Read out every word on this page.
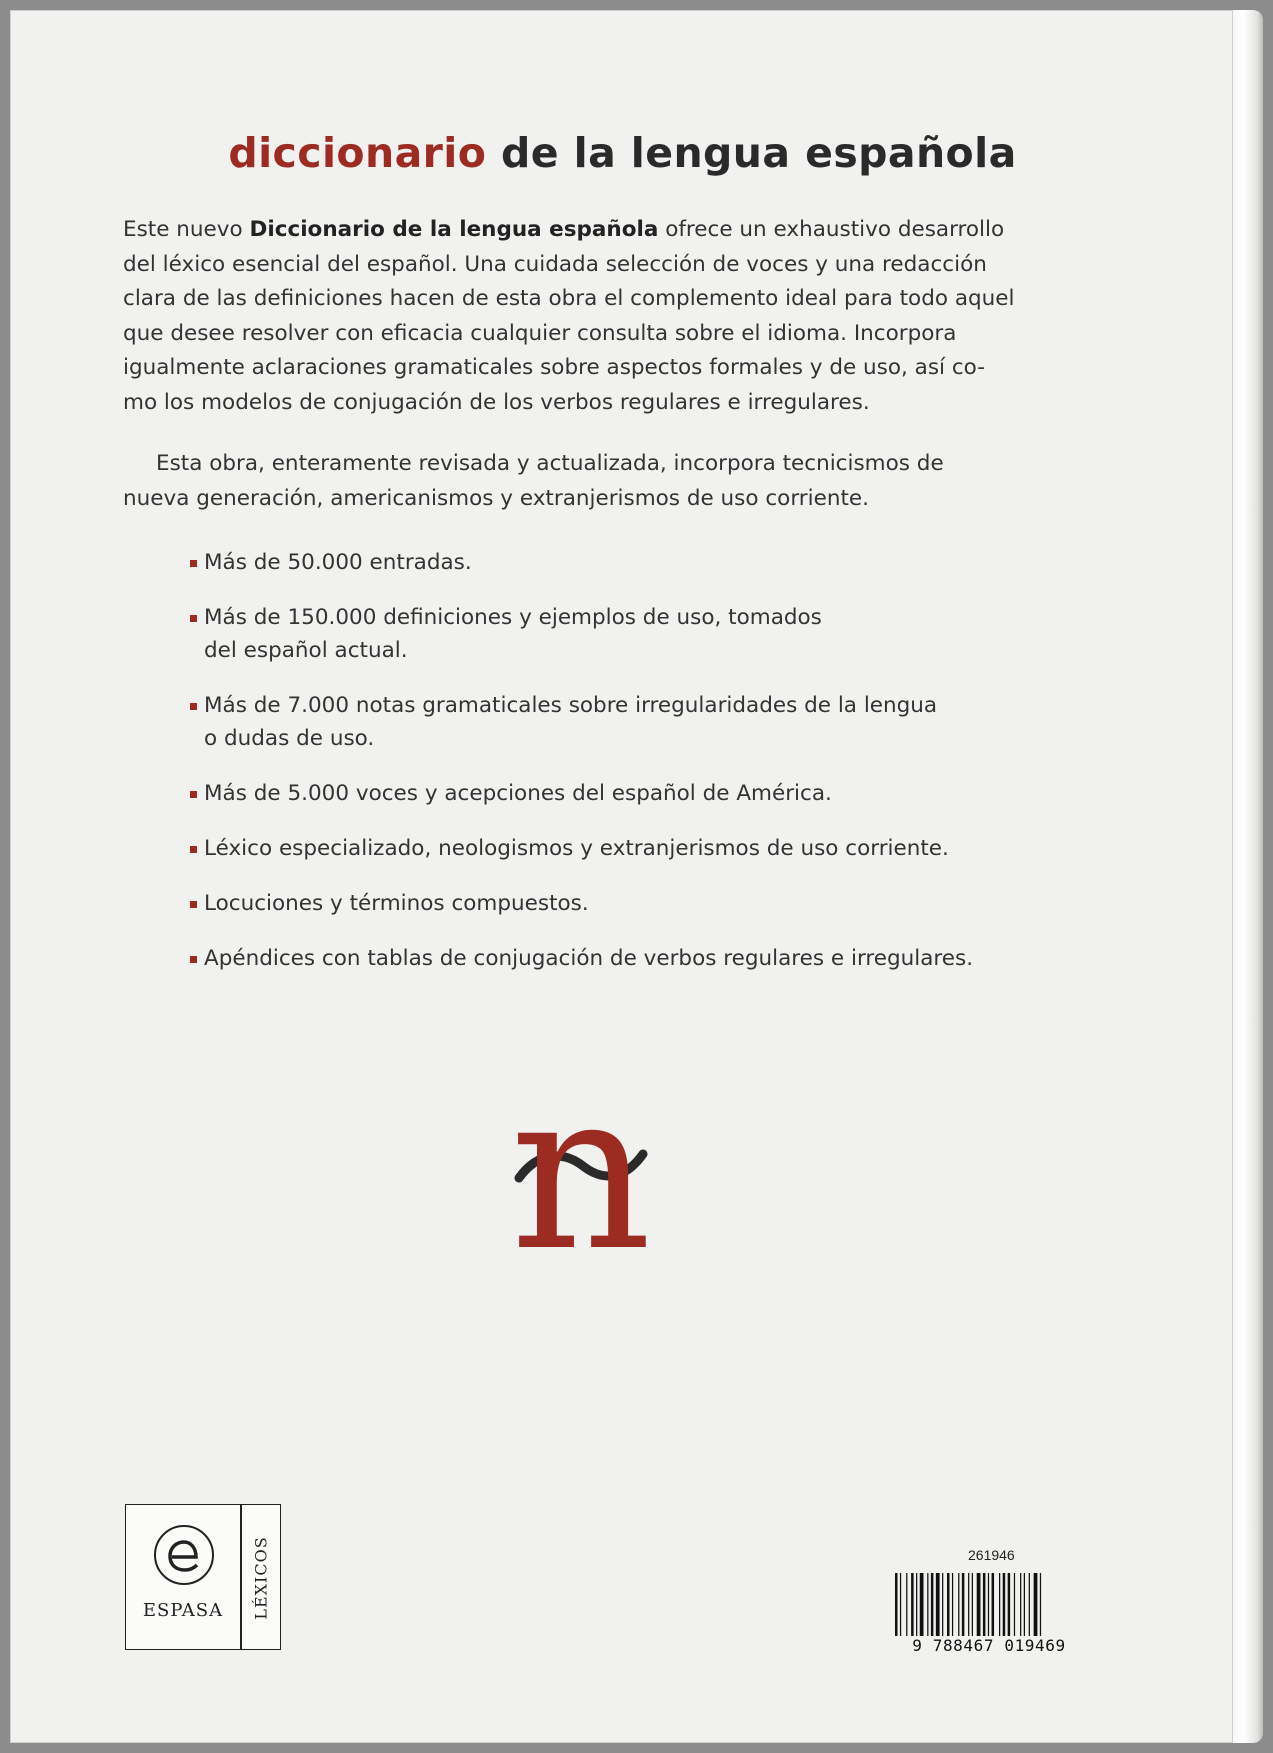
diccionario de la lengua española
Este nuevo Diccionario de la lengua española ofrece un exhaustivo desarrollo
del léxico esencial del español. Una cuidada selección de voces y una redacción
clara de las definiciones hacen de esta obra el complemento ideal para todo aquel
que desee resolver con eficacia cualquier consulta sobre el idioma. Incorpora
igualmente aclaraciones gramaticales sobre aspectos formales y de uso, así co-
mo los modelos de conjugación de los verbos regulares e irregulares.
Esta obra, enteramente revisada y actualizada, incorpora tecnicismos de
nueva generación, americanismos y extranjerismos de uso corriente.
Más de 50.000 entradas.
Más de 150.000 definiciones y ejemplos de uso, tomados
del español actual.
Más de 7.000 notas gramaticales sobre irregularidades de la lengua
o dudas de uso.
Más de 5.000 voces y acepciones del español de América.
Léxico especializado, neologismos y extranjerismos de uso corriente.
Locuciones y términos compuestos.
Apéndices con tablas de conjugación de verbos regulares e irregulares.
n
ESPASA	LÉXICOS	261946
9 788467 019469
